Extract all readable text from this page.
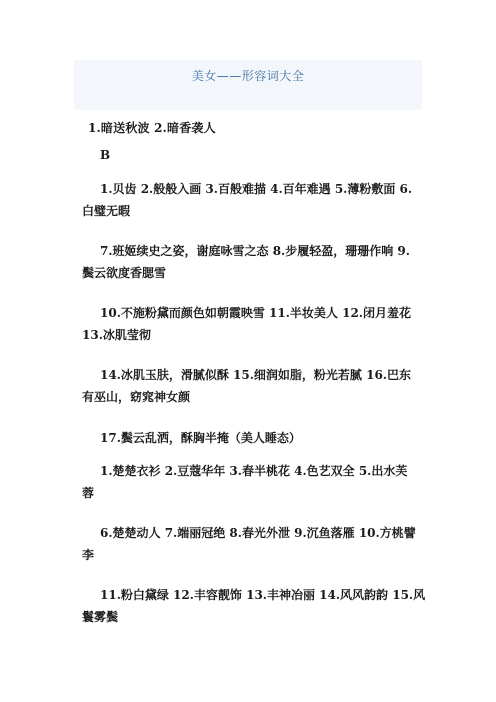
美女——形容词大全
1.暗送秋波 2.暗香袭人
B
1.贝齿 2.般般入画 3.百般难描 4.百年难遇 5.薄粉敷面 6.
白璧无暇
7.班姬续史之姿，谢庭咏雪之态 8.步履轻盈，珊珊作响 9.
鬓云欲度香腮雪
10.不施粉黛而颜色如朝霞映雪 11.半妆美人 12.闭月羞花
13.冰肌莹彻
14.冰肌玉肤，滑腻似酥 15.细润如脂，粉光若腻 16.巴东
有巫山，窈窕神女颜
17.鬓云乱洒，酥胸半掩（美人睡态）
1.楚楚衣衫 2.豆蔻华年 3.春半桃花 4.色艺双全 5.出水芙
蓉
6.楚楚动人 7.端丽冠绝 8.春光外泄 9.沉鱼落雁 10.方桃譬
李
11.粉白黛绿 12.丰容靓饰 13.丰神冶丽 14.风风韵韵 15.风
鬟雾鬓
